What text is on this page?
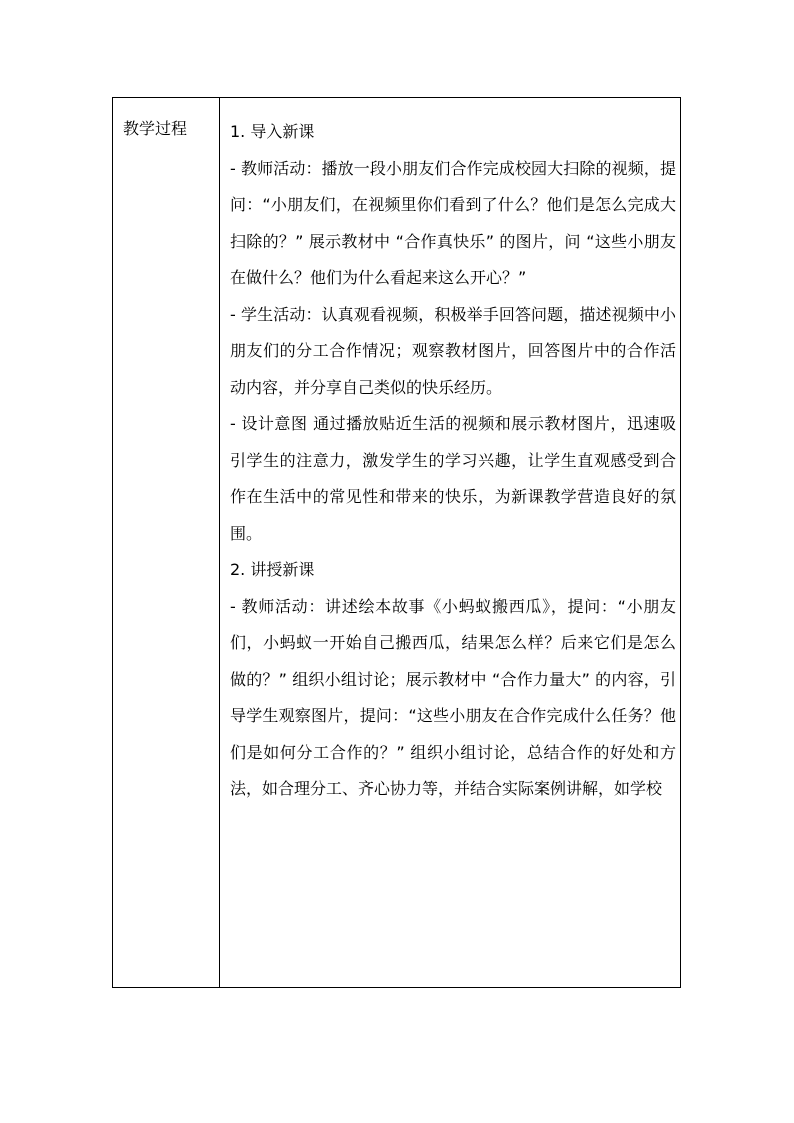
教学过程	1. 导入新课

- 教师活动：播放一段小朋友们合作完成校园大扫除的视频，提问：“小朋友们，在视频里你们看到了什么？他们是怎么完成大扫除的？” 展示教材中 “合作真快乐” 的图片，问 “这些小朋友在做什么？他们为什么看起来这么开心？”

- 学生活动：认真观看视频，积极举手回答问题，描述视频中小朋友们的分工合作情况；观察教材图片，回答图片中的合作活动内容，并分享自己类似的快乐经历。

- 设计意图 通过播放贴近生活的视频和展示教材图片，迅速吸引学生的注意力，激发学生的学习兴趣，让学生直观感受到合作在生活中的常见性和带来的快乐，为新课教学营造良好的氛围。

2. 讲授新课

- 教师活动：讲述绘本故事《小蚂蚁搬西瓜》，提问：“小朋友们，小蚂蚁一开始自己搬西瓜，结果怎么样？后来它们是怎么做的？” 组织小组讨论；展示教材中 “合作力量大” 的内容，引导学生观察图片，提问：“这些小朋友在合作完成什么任务？他们是如何分工合作的？” 组织小组讨论，总结合作的好处和方法，如合理分工、齐心协力等，并结合实际案例讲解，如学校
